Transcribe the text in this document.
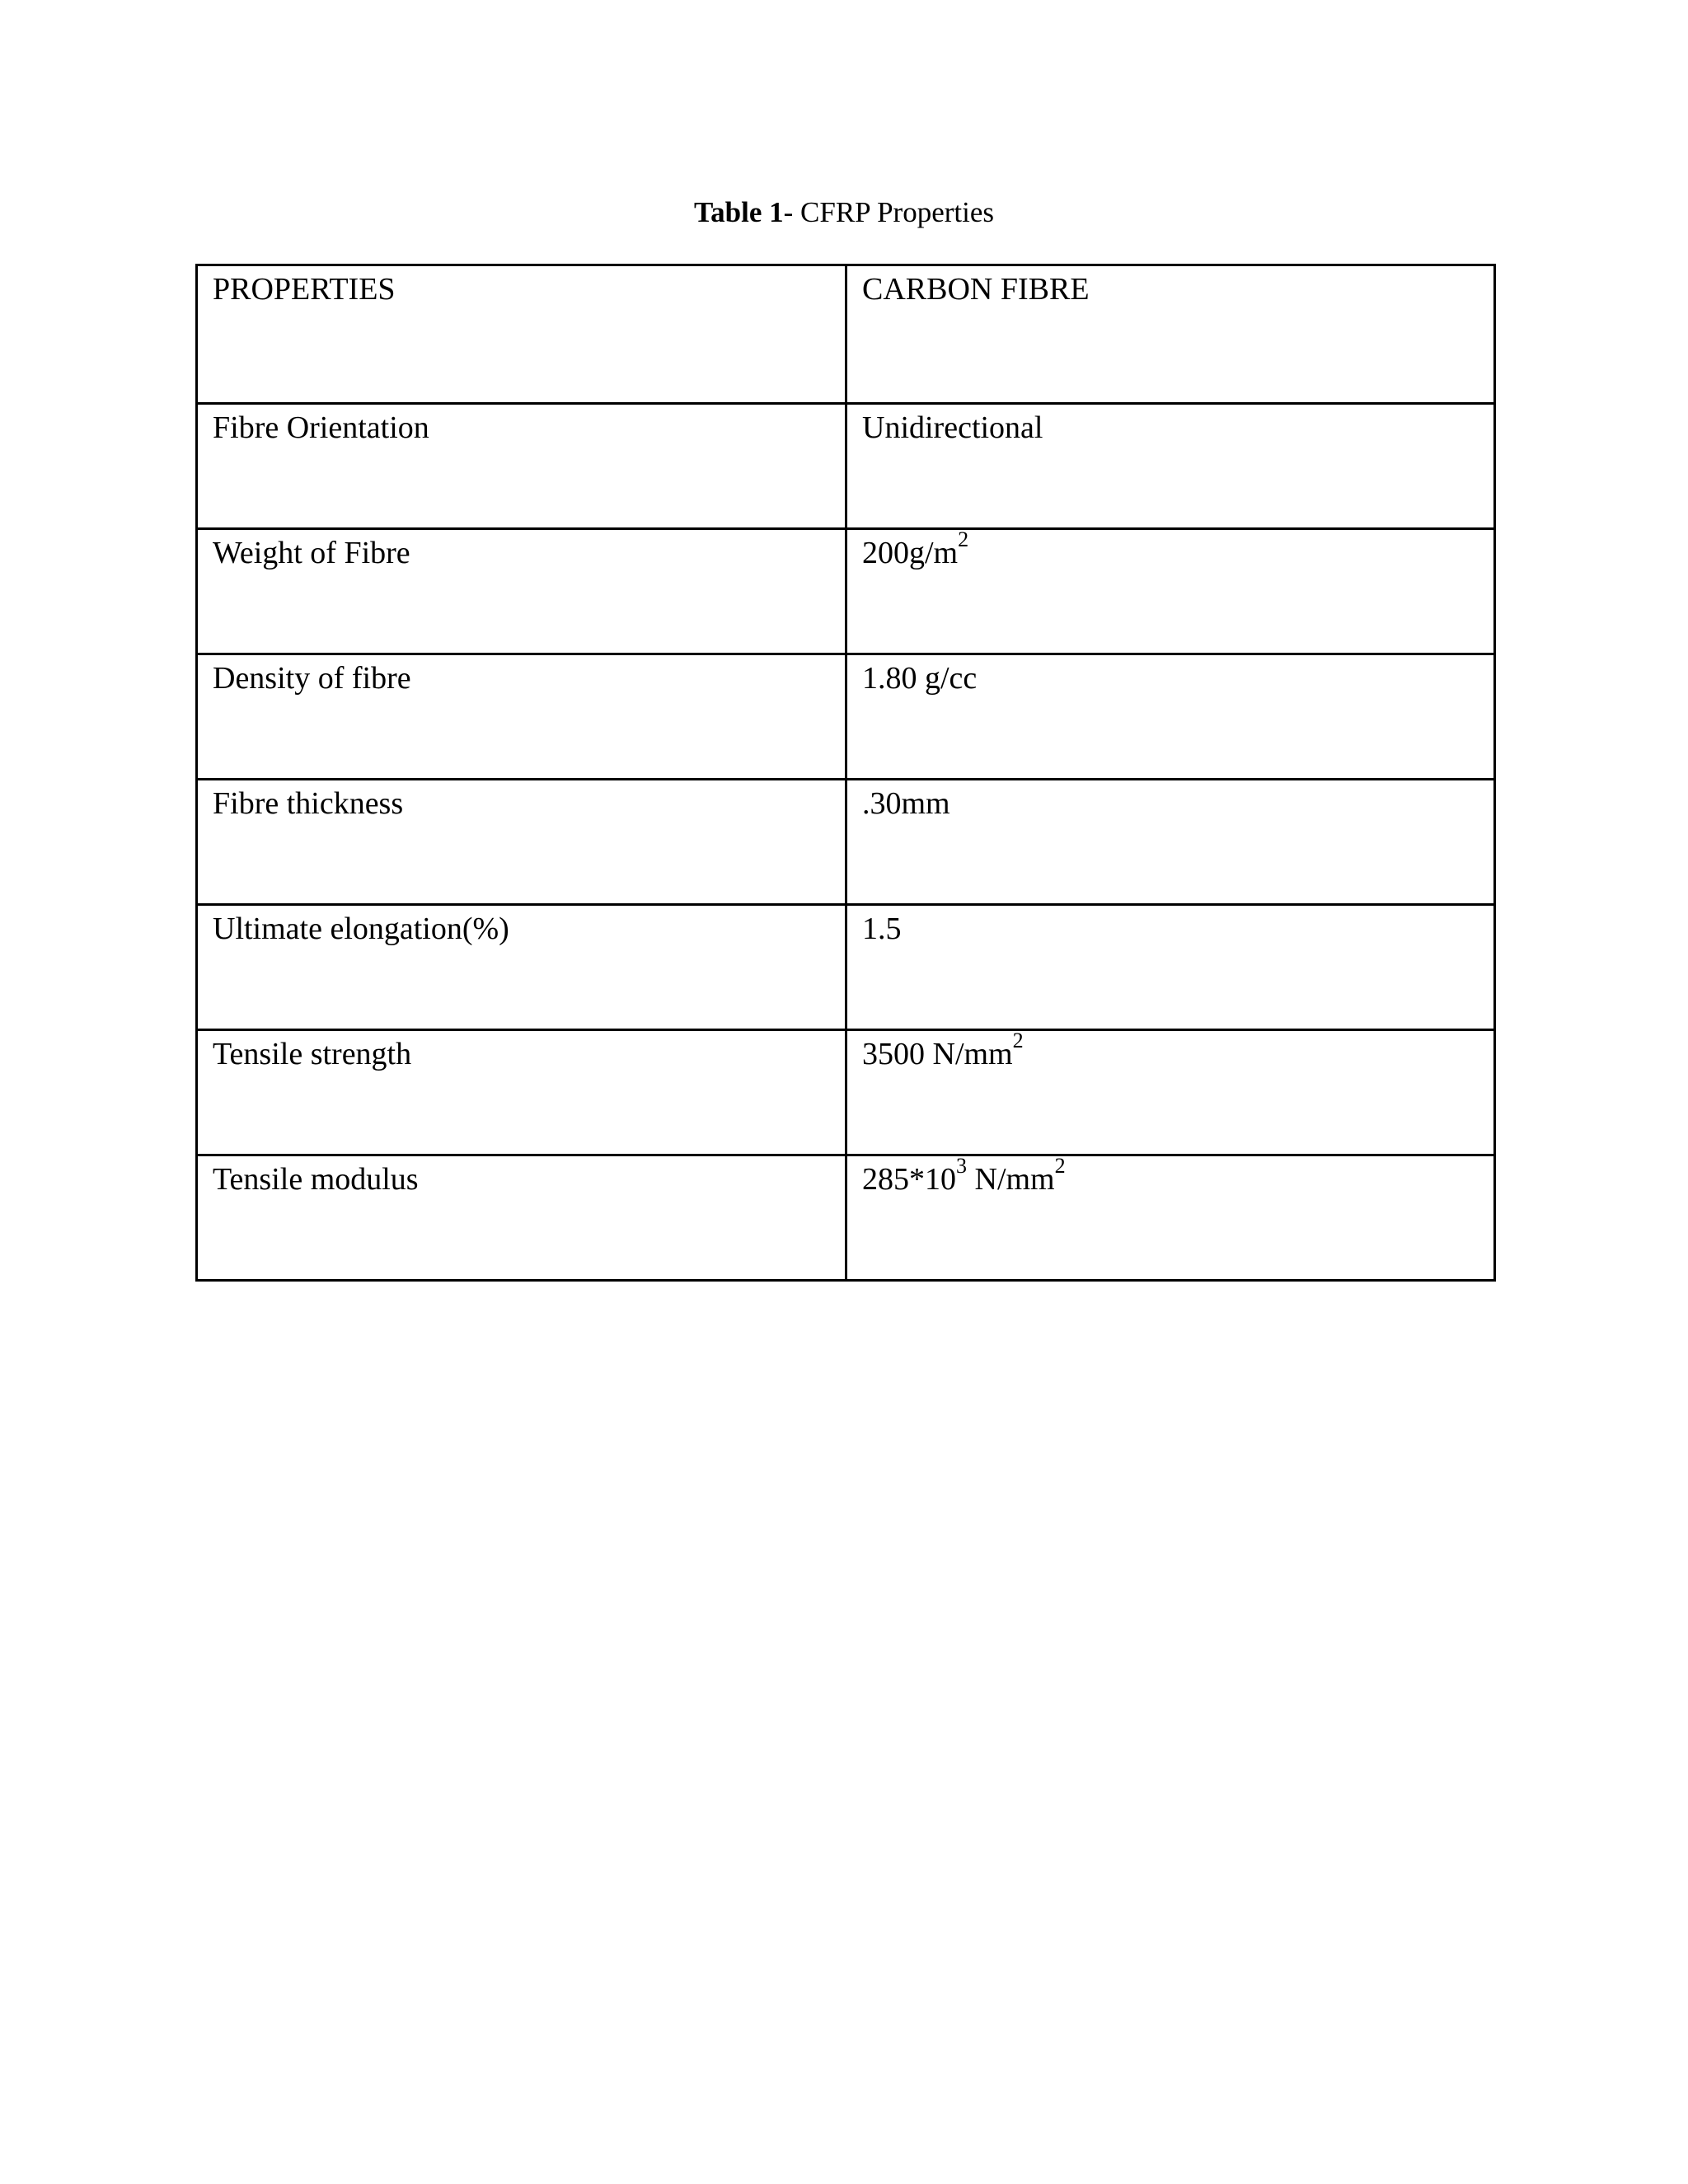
Table 1- CFRP Properties
PROPERTIES	CARBON FIBRE
Fibre Orientation	Unidirectional
Weight of Fibre	$200g/m^2$
Density of fibre	1.80 g/cc
Fibre thickness	.30mm
Ultimate elongation(%)	1.5
Tensile strength	3500 $N/mm^2$
Tensile modulus	$285*10^3$ $N/mm^2$
